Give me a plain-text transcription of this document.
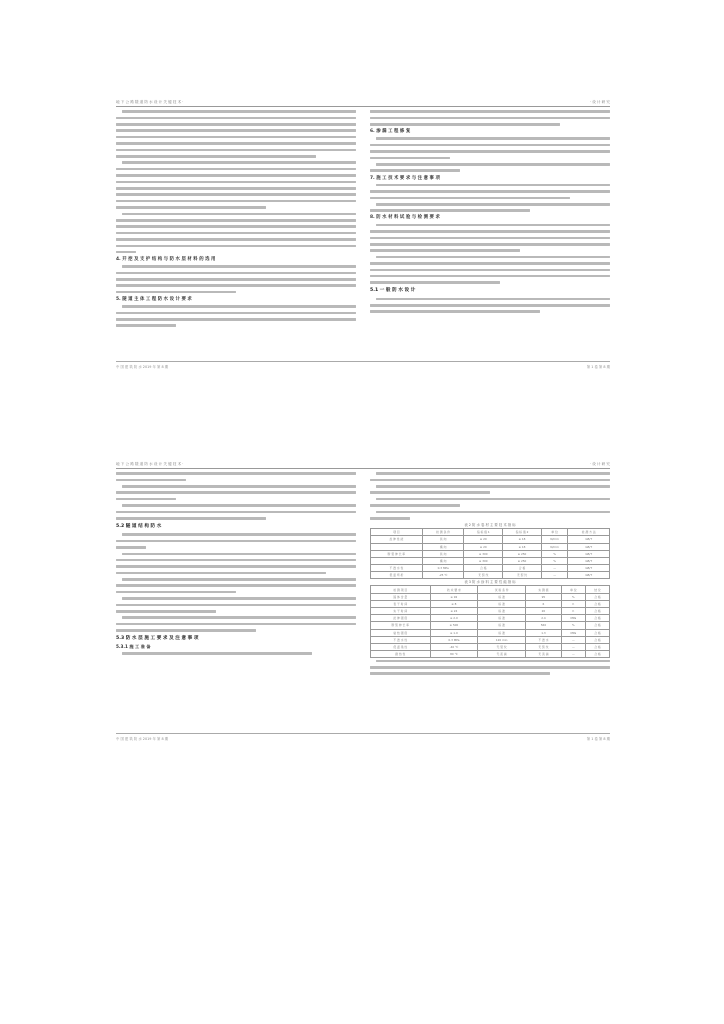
地 下 公 路 隧 道 防 水 设 计 关 键 技 术 ·	· 设 计 研 究
4. 开 挖 及 支 护 结 构 与 防 水 层 材 料 的 选 用
5. 隧 道 主 体 工 程 防 水 设 计 要 求
6. 渗 漏 工 程 修 复
7. 施 工 技 术 要 求 与 注 意 事 项
8. 防 水 材 料 试 验 与 检 测 要 求
5.1 一 般 防 水 设 计
中 国 建 筑 防 水 2019 年 第 8 期	第 1 卷 第 8 期
地 下 公 路 隧 道 防 水 设 计 关 键 技 术 ·	· 设 计 研 究
5.2 隧 道 结 构 防 水
5.3 防 水 层 施 工 要 求 及 注 意 事 项
5.3.1 施 工 准 备
表 2 防 水 卷 材 主 要 技 术 指 标
项 目	检 测 条 件	指 标 值 1	指 标 值 2	单 位	检 测 方 法
拉 伸 性 能	纵 向	≥ 20	≥ 18	N/mm	GB/T
	横 向	≥ 20	≥ 18	N/mm	GB/T
断 裂 伸 长 率	纵 向	≥ 300	≥ 250	%	GB/T
	横 向	≥ 300	≥ 250	%	GB/T
不 透 水 性	0.3 MPa	合 格	合 格	—	GB/T
低 温 弯 折	-25 ℃	无 裂 纹	无 裂 纹	—	GB/T
表 3 防 水 涂 料 主 要 性 能 指 标
检 测 项 目	技 术 要 求	试 验 条 件	实 测 值	单 位	结 论
固 体 含 量	≥ 92	标 准	95	%	合 格
表 干 时 间	≤ 8	标 准	6	h	合 格
实 干 时 间	≤ 24	标 准	20	h	合 格
拉 伸 强 度	≥ 2.0	标 准	2.4	MPa	合 格
断 裂 伸 长 率	≥ 500	标 准	560	%	合 格
粘 结 强 度	≥ 1.0	标 准	1.3	MPa	合 格
不 透 水 性	0.3 MPa	120 min	不 透 水	—	合 格
低 温 柔 性	-40 ℃	无 裂 纹	无 裂 纹	—	合 格
耐 热 性	80 ℃	无 流 淌	无 流 淌	—	合 格
中 国 建 筑 防 水 2019 年 第 8 期	第 1 卷 第 8 期
